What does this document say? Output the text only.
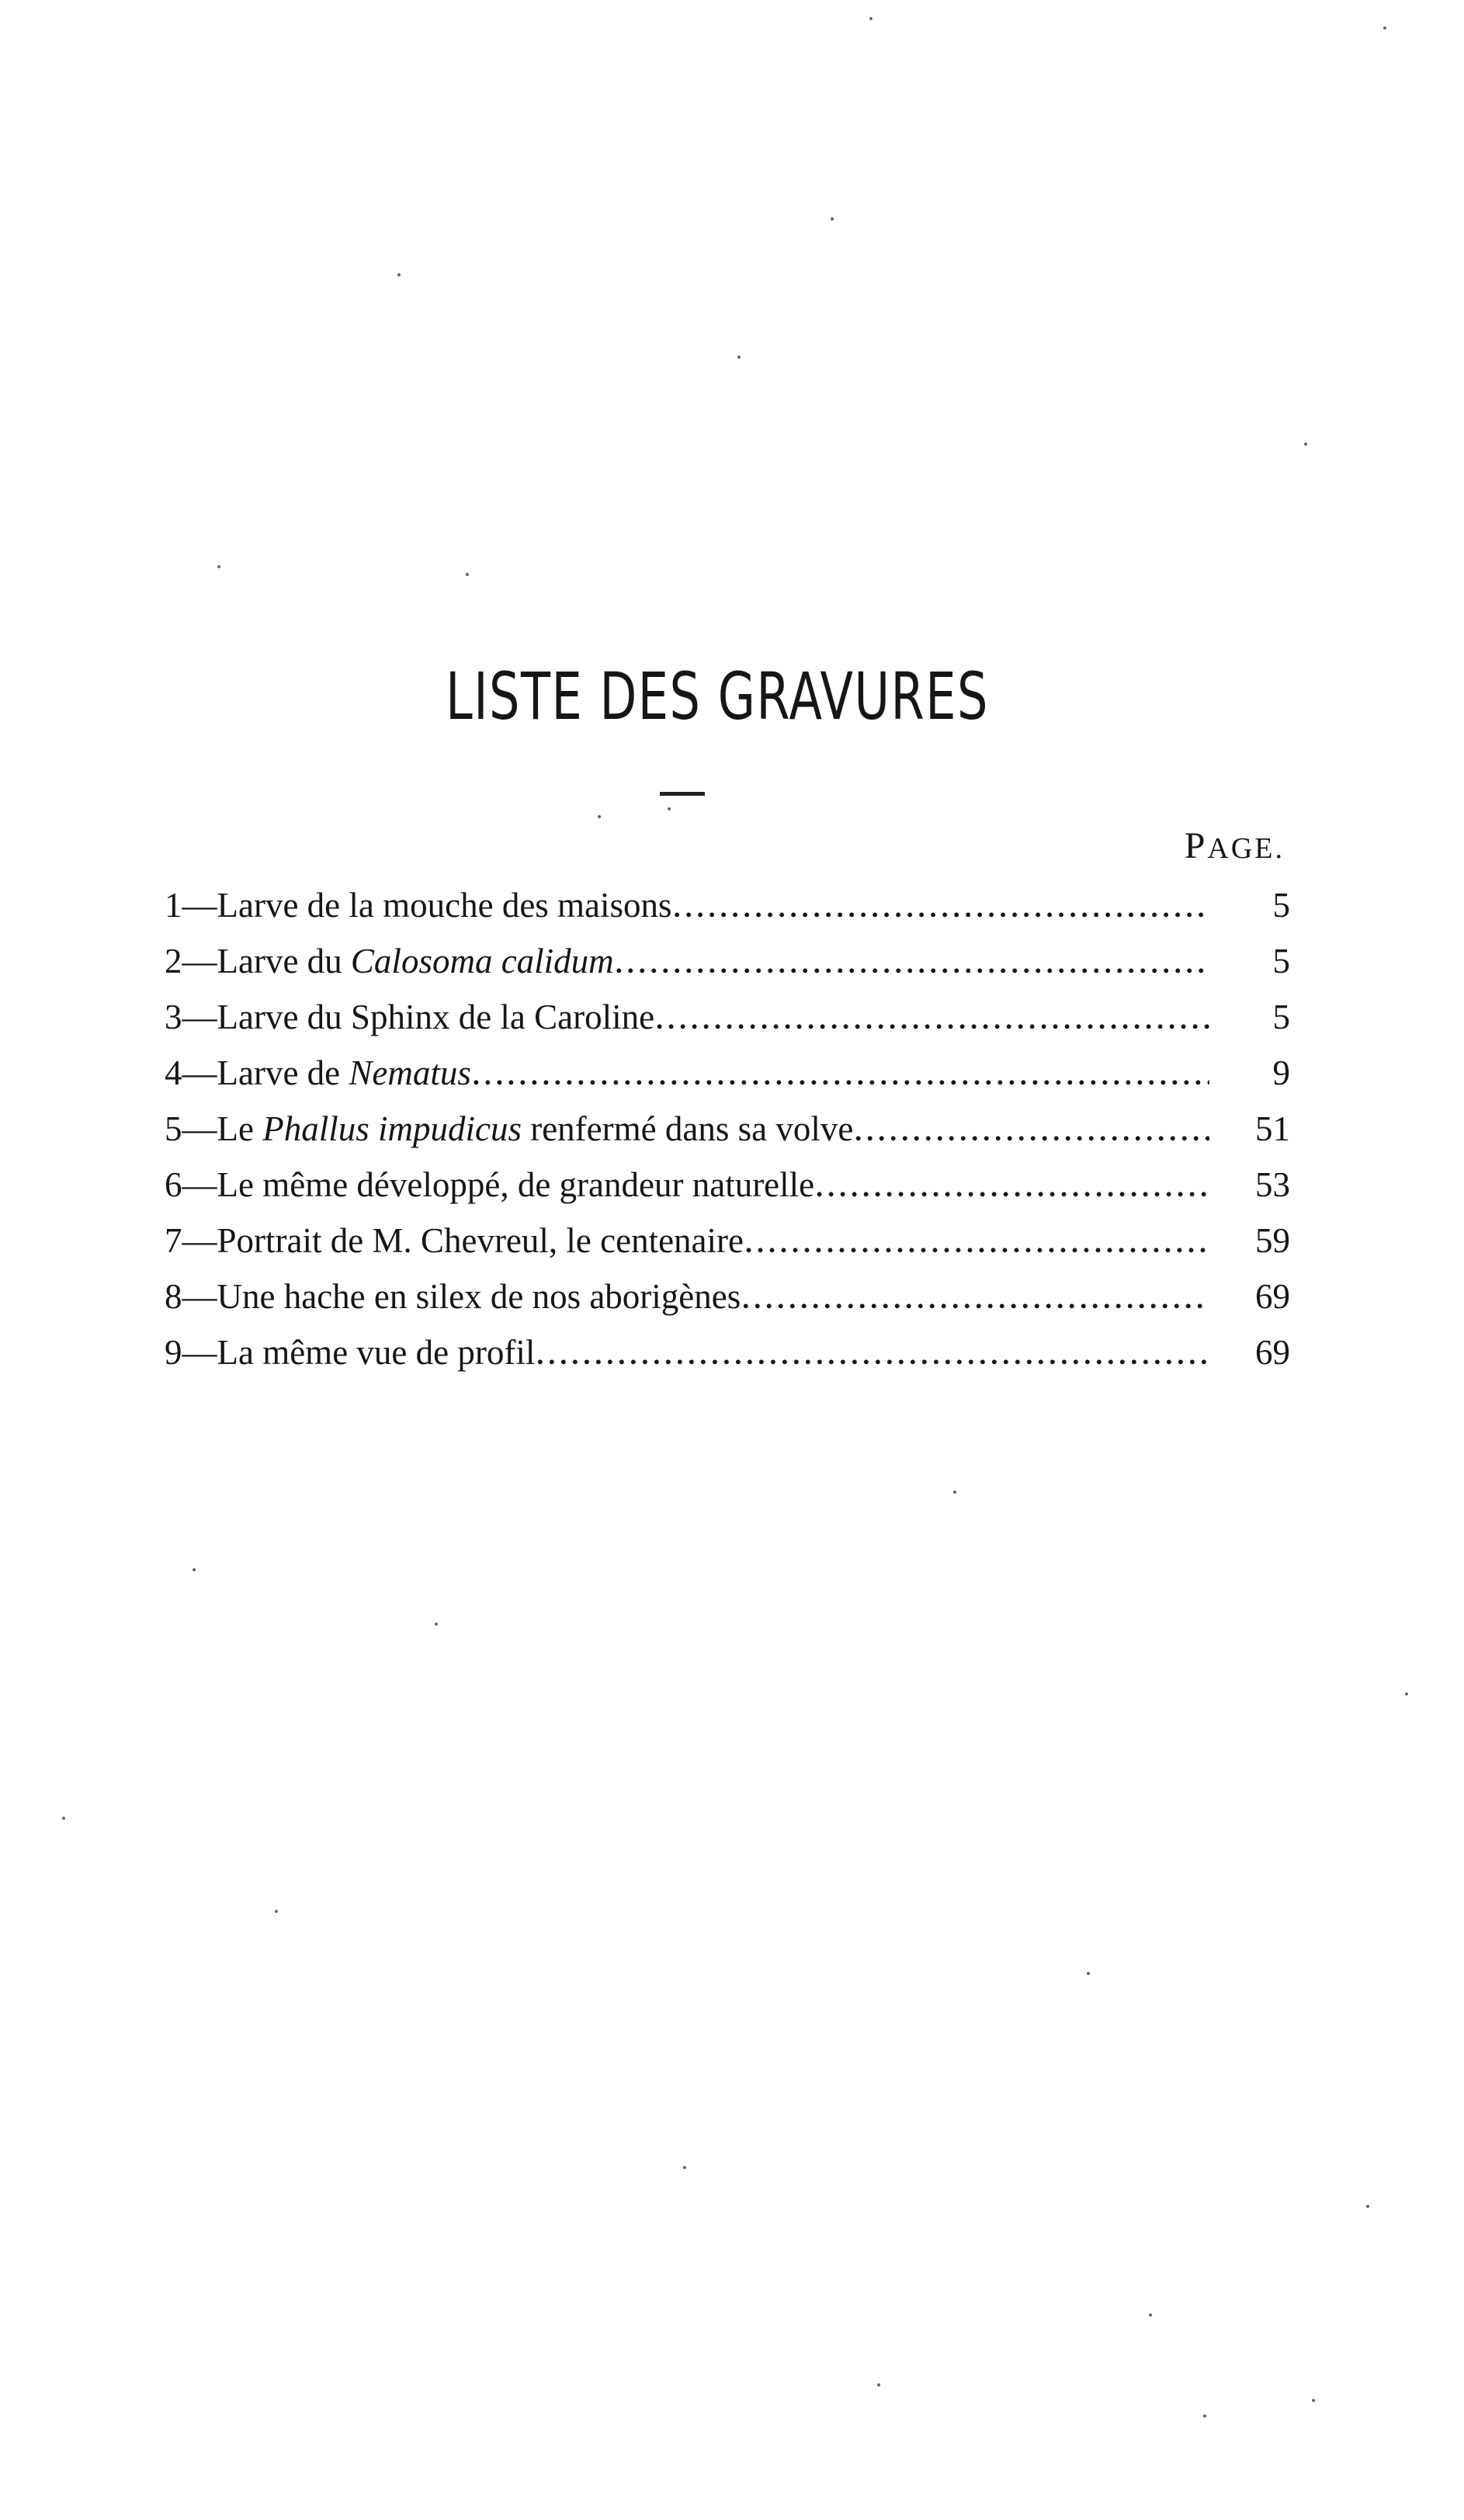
LISTE DES GRAVURES
PAGE.
1—Larve de la mouche des maisons .....	5
2—Larve du Calosoma calidum .....	5
3—Larve du Sphinx de la Caroline .....	5
4—Larve de Nematus .....	9
5—Le Phallus impudicus renfermé dans sa volve .....	51
6—Le même développé, de grandeur naturelle .....	53
7—Portrait de M. Chevreul, le centenaire .....	59
8—Une hache en silex de nos aborigènes .....	69
9—La même vue de profil .....	69
